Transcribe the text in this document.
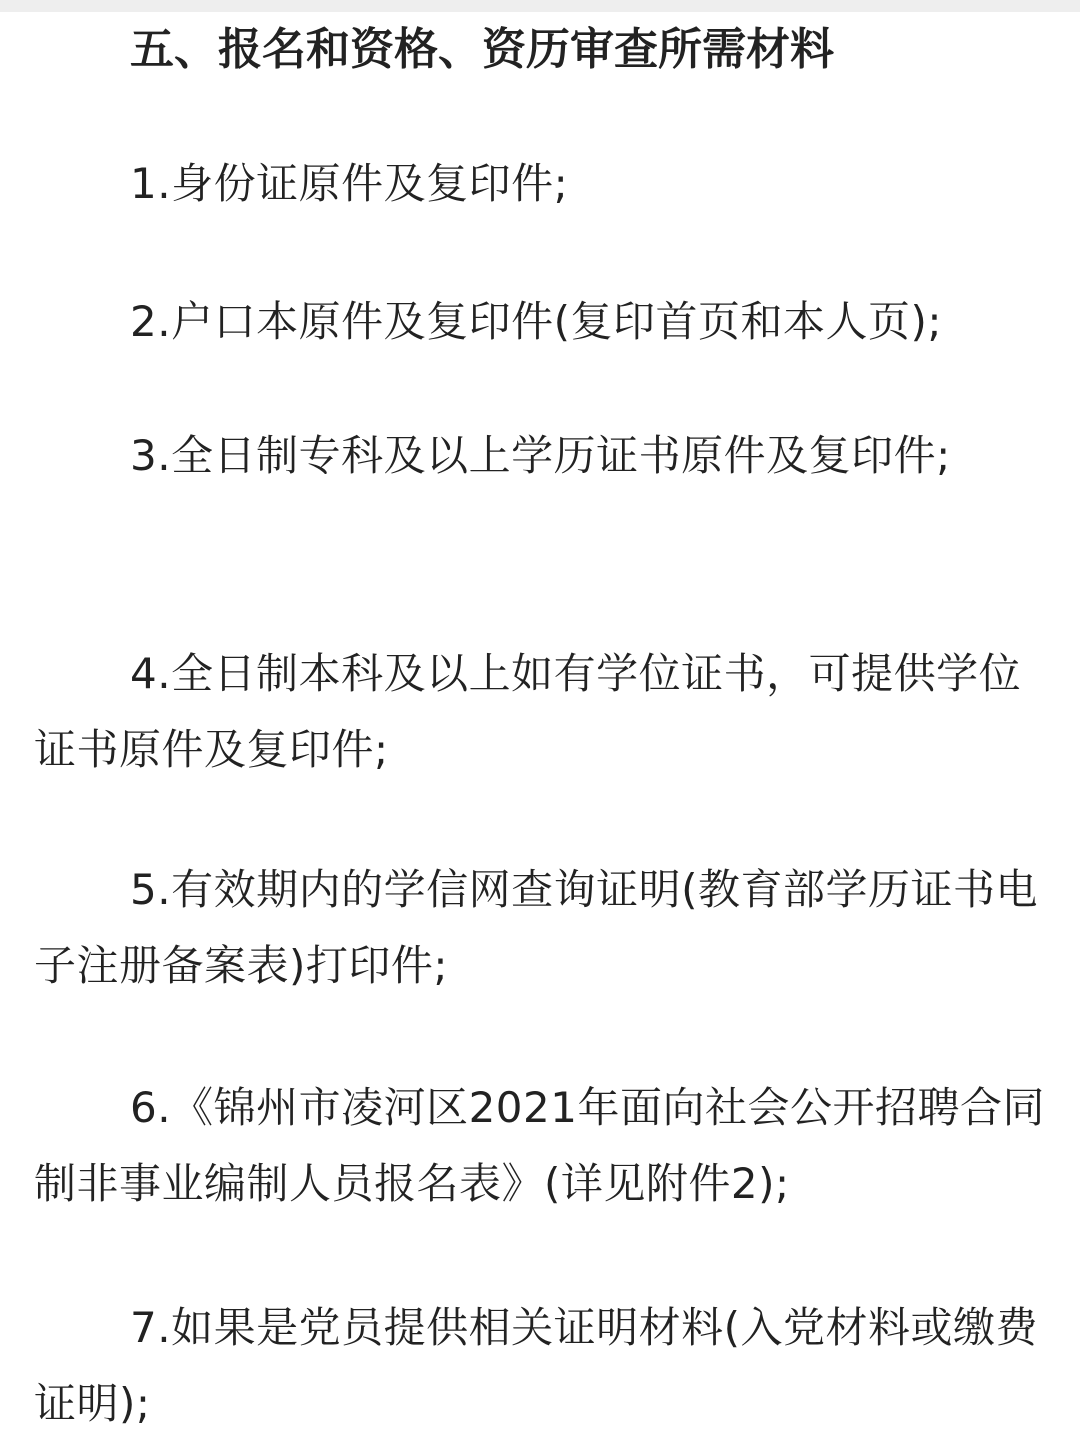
五、报名和资格、资历审查所需材料

1.身份证原件及复印件;

2.户口本原件及复印件(复印首页和本人页);

3.全日制专科及以上学历证书原件及复印件;

4.全日制本科及以上如有学位证书，可提供学位证书原件及复印件;

5.有效期内的学信网查询证明(教育部学历证书电子注册备案表)打印件;

6.《锦州市凌河区2021年面向社会公开招聘合同制非事业编制人员报名表》(详见附件2);

7.如果是党员提供相关证明材料(入党材料或缴费证明);
